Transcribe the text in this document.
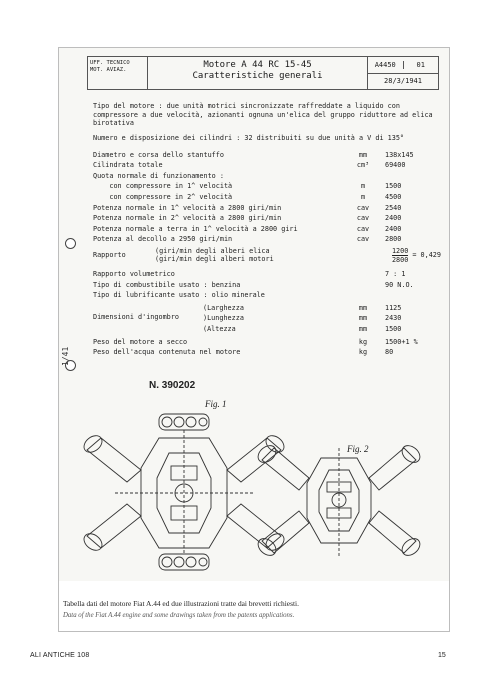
1/41
UFF. TECNICO
MOT. AVIAZ.	Motore A 44 RC 15-45
Caratteristiche generali
A4450	01
28/3/1941

Tipo del motore : due unità motrici sincronizzate raffreddate a liquido con compressore a due velocità, azionanti ognuna un'elica del gruppo riduttore ad elica birotativa

Numero e disposizione dei cilindri : 32 distribuiti su due unità a V di 135°

Diametro e corsa dello stantuffo	mm	138x145
Cilindrata totale	cm³	69400
Quota normale di funzionamento :
con compressore in 1^ velocità	m	1500
con compressore in 2^ velocità	m	4500
Potenza normale in 1^ velocità a 2800 giri/min	cav	2540
Potenza normale in 2^ velocità a 2800 giri/min	cav	2400
Potenza normale a terra in 1^ velocità a 2800 giri	cav	2400
Potenza al decollo a 2950 giri/min	cav	2800
Rapporto	(giri/min degli alberi elica
(giri/min degli alberi motori	$\frac{1200}{2800} = 0,429$
Rapporto volumetrico	7 : 1
Tipo di combustibile usato : benzina	90 N.O.
Tipo di lubrificante usato : olio minerale
Dimensioni d'ingombro
(Larghezza	mm	1125
)Lunghezza	mm	2430
(Altezza	mm	1500
Peso del motore a secco	kg	1500+1 %
Peso dell'acqua contenuta nel motore	kg	80
N. 390202
Fig. 1
Fig. 2
Tabella dati del motore Fiat A.44 ed due illustrazioni tratte dai brevetti richiesti.
Data of the Fiat A.44 engine and some drawings taken from the patents applications.
ALI ANTICHE 108	15
